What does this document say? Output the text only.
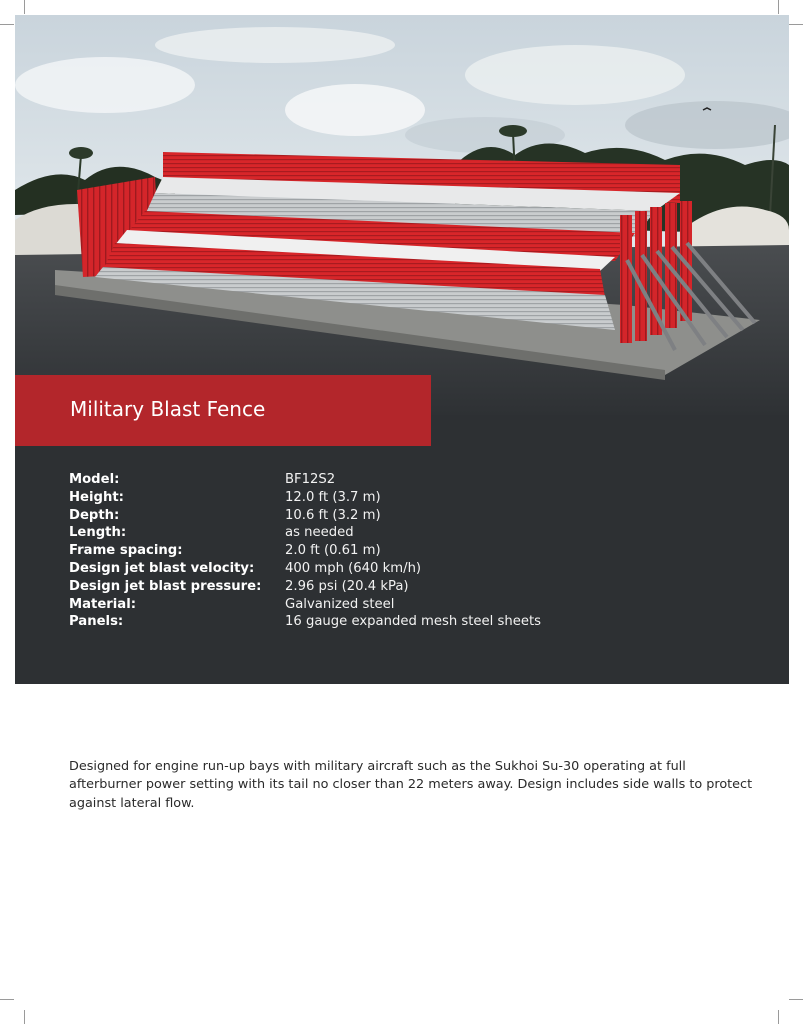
Military Blast Fence
Model:	BF12S2
Height:	12.0 ft (3.7 m)
Depth:	10.6 ft (3.2 m)
Length:	as needed
Frame spacing:	2.0 ft (0.61 m)
Design jet blast velocity:	400 mph (640 km/h)
Design jet blast pressure:	2.96 psi (20.4 kPa)
Material:	Galvanized steel
Panels:	16 gauge expanded mesh steel sheets

Designed for engine run-up bays with military aircraft such as the Sukhoi Su-30 operating at full afterburner power setting with its tail no closer than 22 meters away. Design includes side walls to protect against lateral flow.
